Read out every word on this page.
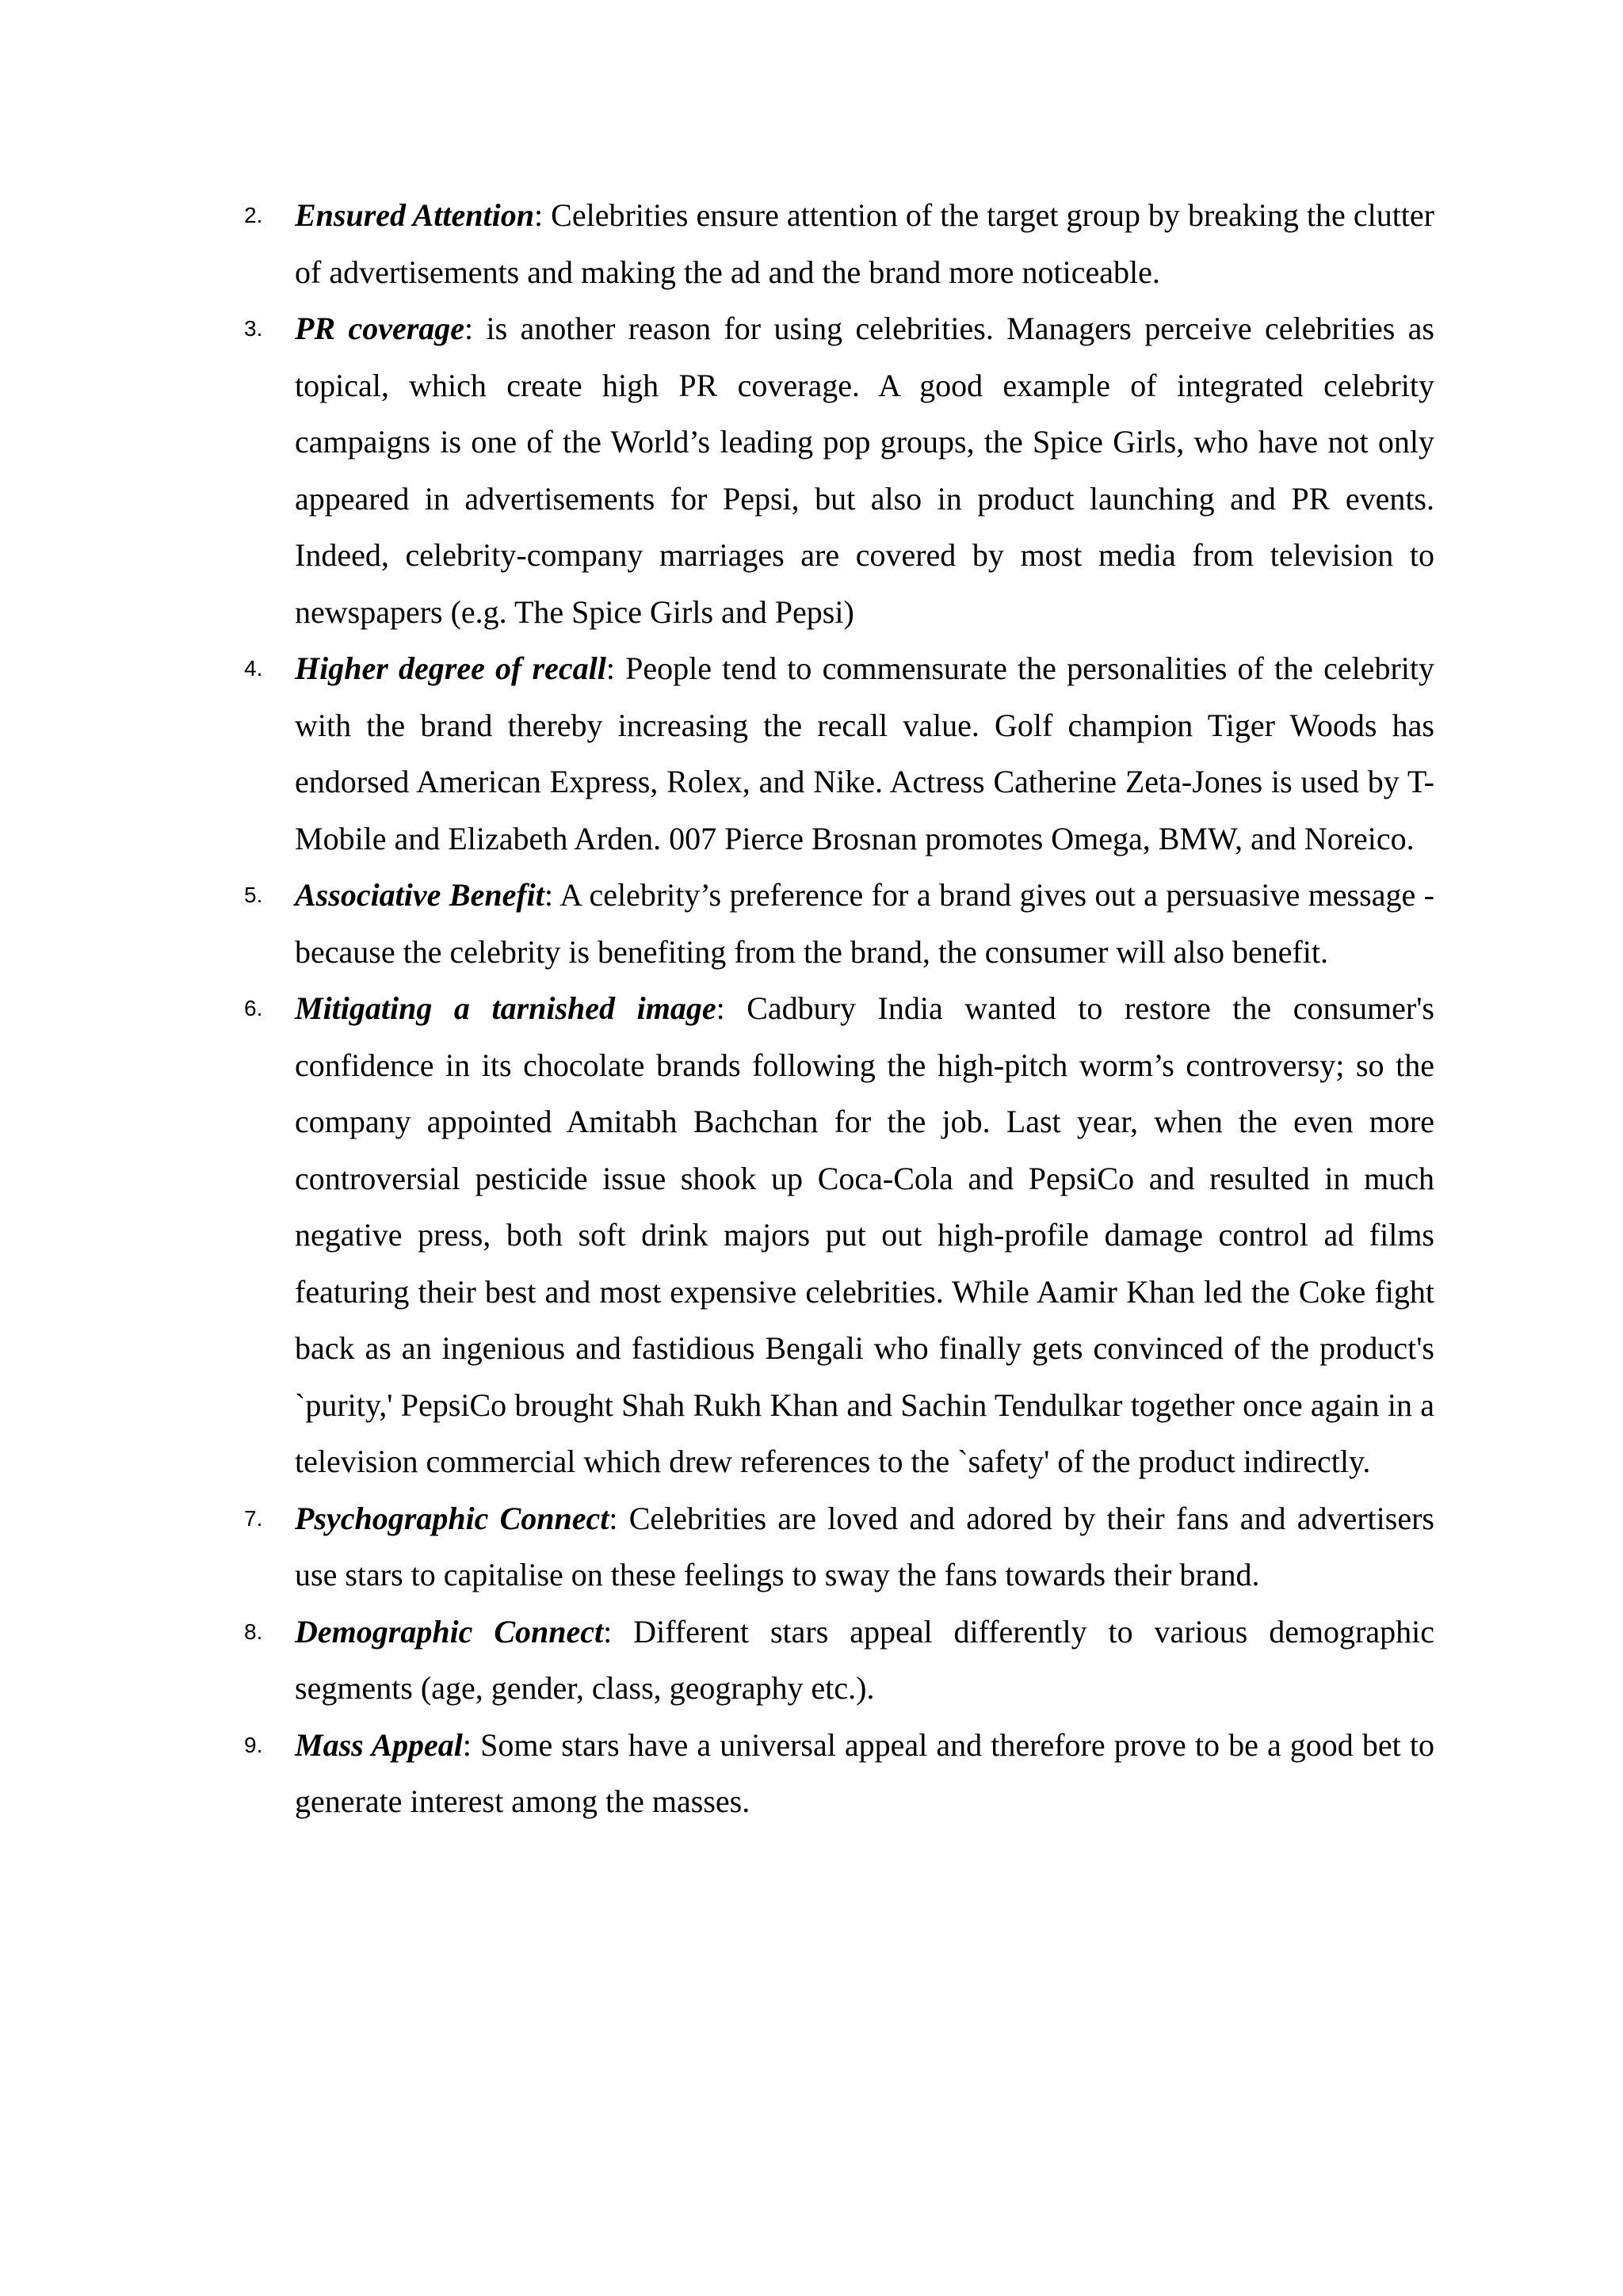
2.	Ensured Attention: Celebrities ensure attention of the target group by breaking the clutter of advertisements and making the ad and the brand more noticeable.
3.	PR coverage: is another reason for using celebrities. Managers perceive celebrities as topical, which create high PR coverage. A good example of integrated celebrity campaigns is one of the World’s leading pop groups, the Spice Girls, who have not only appeared in advertisements for Pepsi, but also in product launching and PR events. Indeed, celebrity-company marriages are covered by most media from television to newspapers (e.g. The Spice Girls and Pepsi)
4.	Higher degree of recall: People tend to commensurate the personalities of the celebrity with the brand thereby increasing the recall value. Golf champion Tiger Woods has endorsed American Express, Rolex, and Nike. Actress Catherine Zeta-Jones is used by T-Mobile and Elizabeth Arden. 007 Pierce Brosnan promotes Omega, BMW, and Noreico.
5.	Associative Benefit: A celebrity’s preference for a brand gives out a persuasive message - because the celebrity is benefiting from the brand, the consumer will also benefit.
6.	Mitigating a tarnished image: Cadbury India wanted to restore the consumer's confidence in its chocolate brands following the high-pitch worm’s controversy; so the company appointed Amitabh Bachchan for the job. Last year, when the even more controversial pesticide issue shook up Coca-Cola and PepsiCo and resulted in much negative press, both soft drink majors put out high-profile damage control ad films featuring their best and most expensive celebrities. While Aamir Khan led the Coke fight back as an ingenious and fastidious Bengali who finally gets convinced of the product's `purity,' PepsiCo brought Shah Rukh Khan and Sachin Tendulkar together once again in a television commercial which drew references to the `safety' of the product indirectly.
7.	Psychographic Connect: Celebrities are loved and adored by their fans and advertisers use stars to capitalise on these feelings to sway the fans towards their brand.
8.	Demographic Connect: Different stars appeal differently to various demographic segments (age, gender, class, geography etc.).
9.	Mass Appeal: Some stars have a universal appeal and therefore prove to be a good bet to generate interest among the masses.
